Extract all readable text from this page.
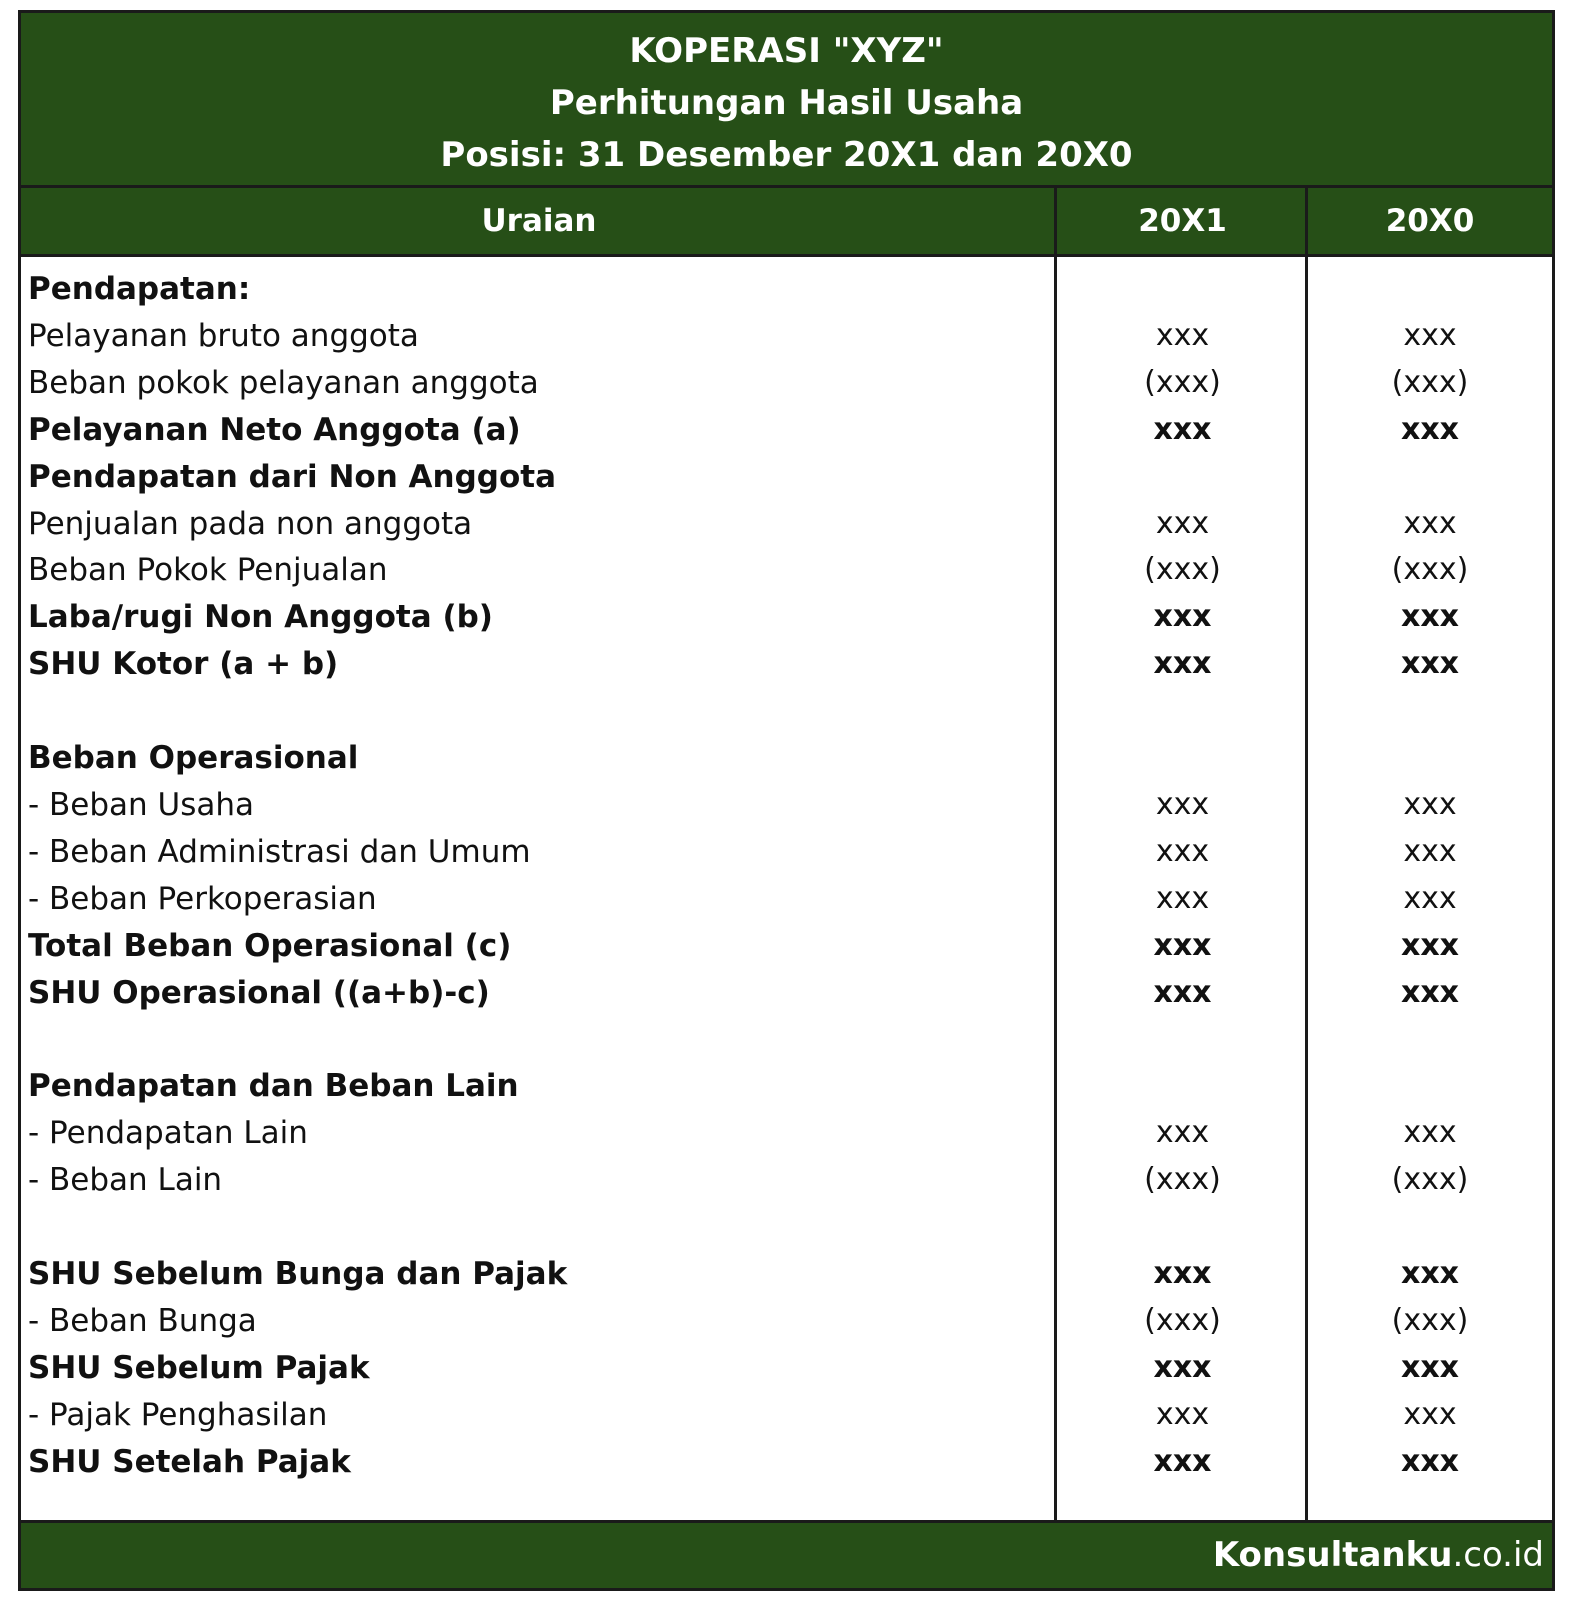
KOPERASI "XYZ"
Perhitungan Hasil Usaha
Posisi: 31 Desember 20X1 dan 20X0
Uraian	20X1	20X0
Pendapatan:
Pelayanan bruto anggota	xxx	xxx
Beban pokok pelayanan anggota	(xxx)	(xxx)
Pelayanan Neto Anggota (a)	xxx	xxx
Pendapatan dari Non Anggota
Penjualan pada non anggota	xxx	xxx
Beban Pokok Penjualan	(xxx)	(xxx)
Laba/rugi Non Anggota (b)	xxx	xxx
SHU Kotor (a + b)	xxx	xxx
Beban Operasional
- Beban Usaha	xxx	xxx
- Beban Administrasi dan Umum	xxx	xxx
- Beban Perkoperasian	xxx	xxx
Total Beban Operasional (c)	xxx	xxx
SHU Operasional ((a+b)-c)	xxx	xxx
Pendapatan dan Beban Lain
- Pendapatan Lain	xxx	xxx
- Beban Lain	(xxx)	(xxx)
SHU Sebelum Bunga dan Pajak	xxx	xxx
- Beban Bunga	(xxx)	(xxx)
SHU Sebelum Pajak	xxx	xxx
- Pajak Penghasilan	xxx	xxx
SHU Setelah Pajak	xxx	xxx
Konsultanku.co.id
